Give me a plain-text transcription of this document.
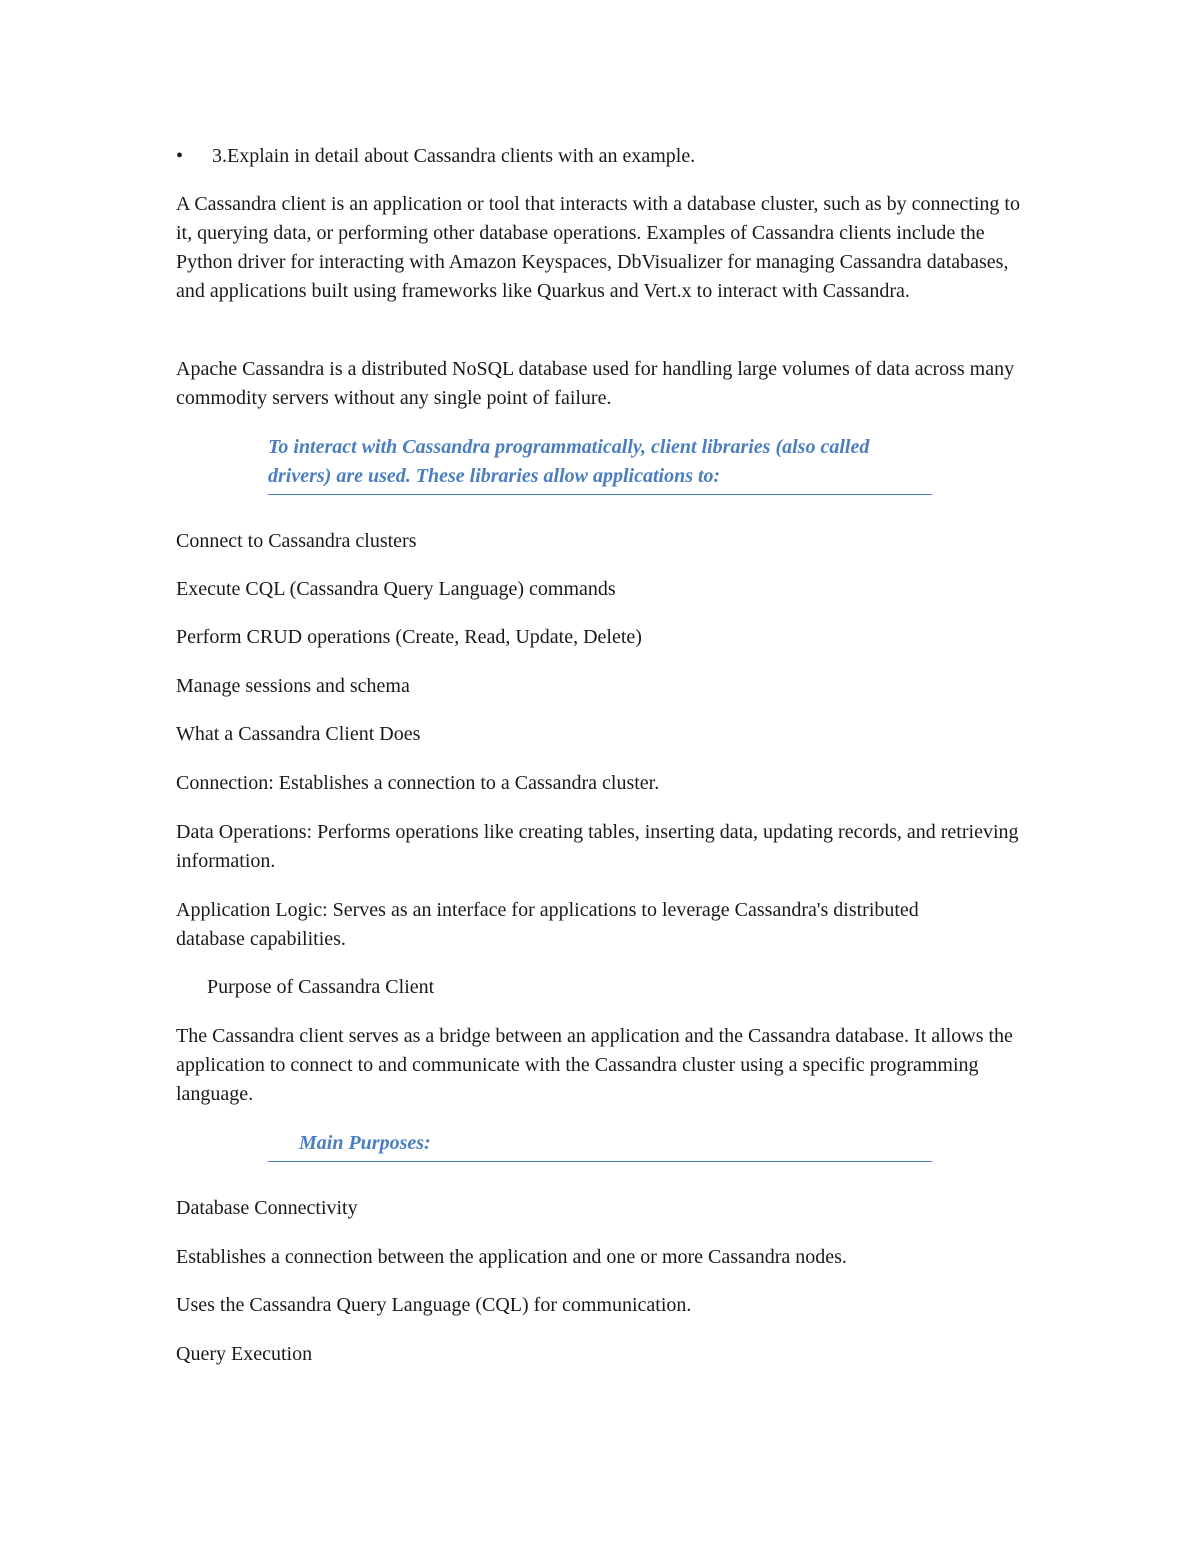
• 3.Explain in detail about Cassandra clients with an example.

A Cassandra client is an application or tool that interacts with a database cluster, such as by connecting to it, querying data, or performing other database operations. Examples of Cassandra clients include the Python driver for interacting with Amazon Keyspaces, DbVisualizer for managing Cassandra databases, and applications built using frameworks like Quarkus and Vert.x to interact with Cassandra.

Apache Cassandra is a distributed NoSQL database used for handling large volumes of data across many commodity servers without any single point of failure.

To interact with Cassandra programmatically, client libraries (also called drivers) are used. These libraries allow applications to:

Connect to Cassandra clusters

Execute CQL (Cassandra Query Language) commands

Perform CRUD operations (Create, Read, Update, Delete)

Manage sessions and schema

What a Cassandra Client Does

Connection: Establishes a connection to a Cassandra cluster.

Data Operations: Performs operations like creating tables, inserting data, updating records, and retrieving information.

Application Logic: Serves as an interface for applications to leverage Cassandra's distributed database capabilities.

Purpose of Cassandra Client

The Cassandra client serves as a bridge between an application and the Cassandra database. It allows the application to connect to and communicate with the Cassandra cluster using a specific programming language.

Main Purposes:

Database Connectivity

Establishes a connection between the application and one or more Cassandra nodes.

Uses the Cassandra Query Language (CQL) for communication.

Query Execution
